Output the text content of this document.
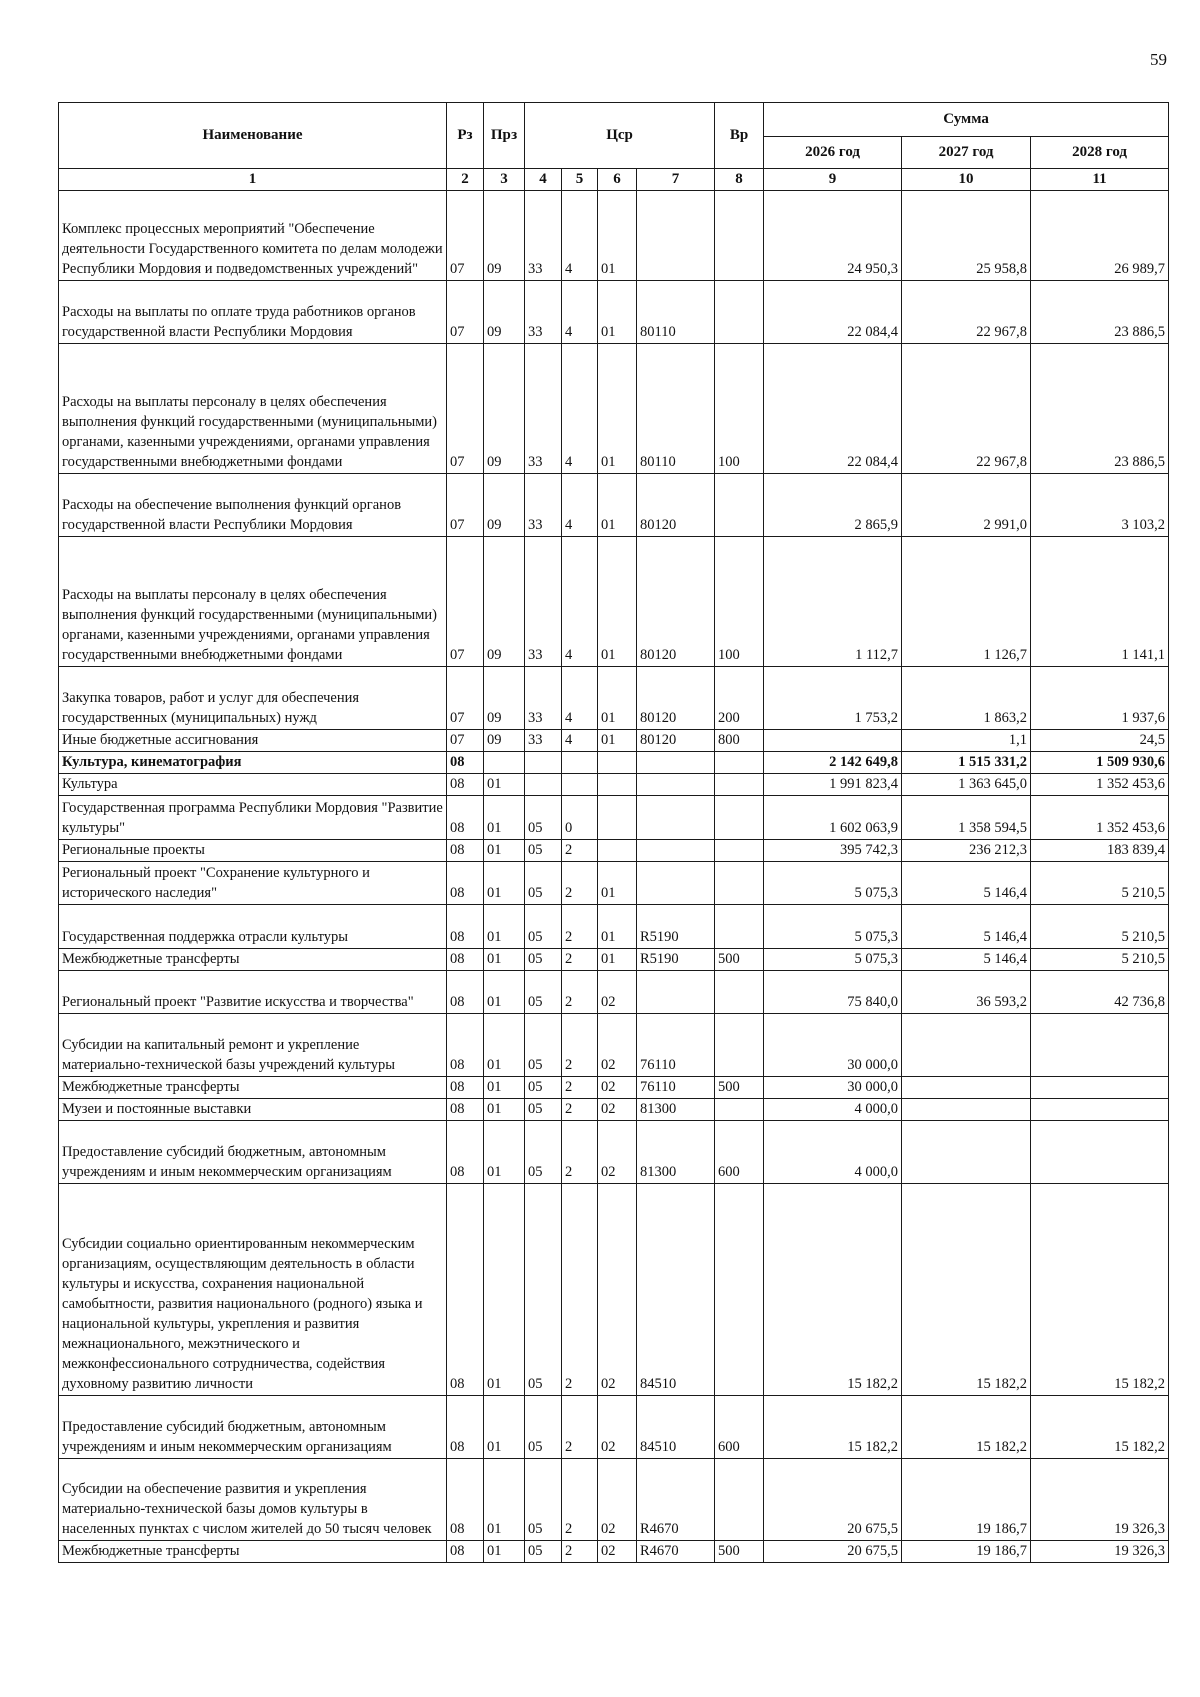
59
Наименование	Рз	Прз	Цср				Вр	Сумма		
								2026 год	2027 год	2028 год
1	2	3	4	5	6	7	8	9	10	11
Комплекс процессных мероприятий "Обеспечение деятельности Государственного комитета по делам молодежи Республики Мордовия и подведомственных учреждений"	07	09	33	4	01			24 950,3	25 958,8	26 989,7
Расходы на выплаты по оплате труда работников органов государственной власти Республики Мордовия	07	09	33	4	01	80110		22 084,4	22 967,8	23 886,5
Расходы на выплаты персоналу в целях обеспечения выполнения функций государственными (муниципальными) органами, казенными учреждениями, органами управления государственными внебюджетными фондами	07	09	33	4	01	80110	100	22 084,4	22 967,8	23 886,5
Расходы на обеспечение выполнения функций органов государственной власти Республики Мордовия	07	09	33	4	01	80120		2 865,9	2 991,0	3 103,2
Расходы на выплаты персоналу в целях обеспечения выполнения функций государственными (муниципальными) органами, казенными учреждениями, органами управления государственными внебюджетными фондами	07	09	33	4	01	80120	100	1 112,7	1 126,7	1 141,1
Закупка товаров, работ и услуг для обеспечения государственных (муниципальных) нужд	07	09	33	4	01	80120	200	1 753,2	1 863,2	1 937,6
Иные бюджетные ассигнования	07	09	33	4	01	80120	800		1,1	24,5
Культура, кинематография	08							2 142 649,8	1 515 331,2	1 509 930,6
Культура	08	01						1 991 823,4	1 363 645,0	1 352 453,6
Государственная программа Республики Мордовия "Развитие культуры"	08	01	05	0				1 602 063,9	1 358 594,5	1 352 453,6
Региональные проекты	08	01	05	2				395 742,3	236 212,3	183 839,4
Региональный проект "Сохранение культурного и исторического наследия"	08	01	05	2	01			5 075,3	5 146,4	5 210,5
Государственная поддержка отрасли культуры	08	01	05	2	01	R5190		5 075,3	5 146,4	5 210,5
Межбюджетные трансферты	08	01	05	2	01	R5190	500	5 075,3	5 146,4	5 210,5
Региональный проект "Развитие искусства и творчества"	08	01	05	2	02			75 840,0	36 593,2	42 736,8
Субсидии на капитальный ремонт и укрепление материально-технической базы учреждений культуры	08	01	05	2	02	76110		30 000,0		
Межбюджетные трансферты	08	01	05	2	02	76110	500	30 000,0		
Музеи и постоянные выставки	08	01	05	2	02	81300		4 000,0		
Предоставление субсидий бюджетным, автономным учреждениям и иным некоммерческим организациям	08	01	05	2	02	81300	600	4 000,0		
Субсидии социально ориентированным некоммерческим организациям, осуществляющим деятельность в области культуры и искусства, сохранения национальной самобытности, развития национального (родного) языка и национальной культуры, укрепления и развития межнационального, межэтнического и межконфессионального сотрудничества, содействия духовному развитию личности	08	01	05	2	02	84510		15 182,2	15 182,2	15 182,2
Предоставление субсидий бюджетным, автономным учреждениям и иным некоммерческим организациям	08	01	05	2	02	84510	600	15 182,2	15 182,2	15 182,2
Субсидии на обеспечение развития и укрепления материально-технической базы домов культуры в населенных пунктах с числом жителей до 50 тысяч человек	08	01	05	2	02	R4670		20 675,5	19 186,7	19 326,3
Межбюджетные трансферты	08	01	05	2	02	R4670	500	20 675,5	19 186,7	19 326,3
